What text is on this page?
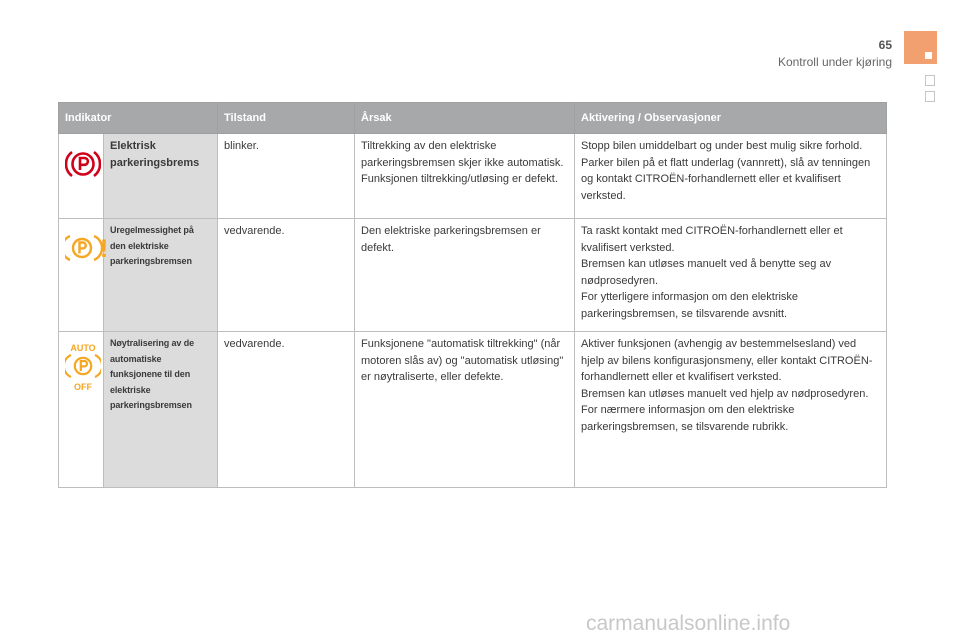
65
Kontroll under kjøring
Indikator		Tilstand	Årsak	Aktivering / Observasjoner

	Elektrisk parkeringsbrems	blinker.	Tiltrekking av den elektriske parkeringsbremsen skjer ikke automatisk.
Funksjonen tiltrekking/utløsing er defekt.	Stopp bilen umiddelbart og under best mulig sikre forhold.
Parker bilen på et flatt underlag (vannrett), slå av tenningen og kontakt CITROËN-forhandlernett eller et kvalifisert verksted.

!	Uregelmessighet på den elektriske parkeringsbremsen	vedvarende.	Den elektriske parkeringsbremsen er defekt.	Ta raskt kontakt med CITROËN-forhandlernett eller et kvalifisert verksted.
Bremsen kan utløses manuelt ved å benytte seg av nødprosedyren.
For ytterligere informasjon om den elektriske parkeringsbremsen, se tilsvarende avsnitt.

AUTO
OFF	Nøytralisering av de automatiske funksjonene til den elektriske parkeringsbremsen	vedvarende.	Funksjonene "automatisk tiltrekking" (når motoren slås av) og "automatisk utløsing" er nøytraliserte, eller defekte.	Aktiver funksjonen (avhengig av bestemmelsesland) ved hjelp av bilens konfigurasjonsmeny, eller kontakt CITROËN-forhandlernett eller et kvalifisert verksted.
Bremsen kan utløses manuelt ved hjelp av nødprosedyren.
For nærmere informasjon om den elektriske parkeringsbremsen, se tilsvarende rubrikk.
carmanualsonline.info
